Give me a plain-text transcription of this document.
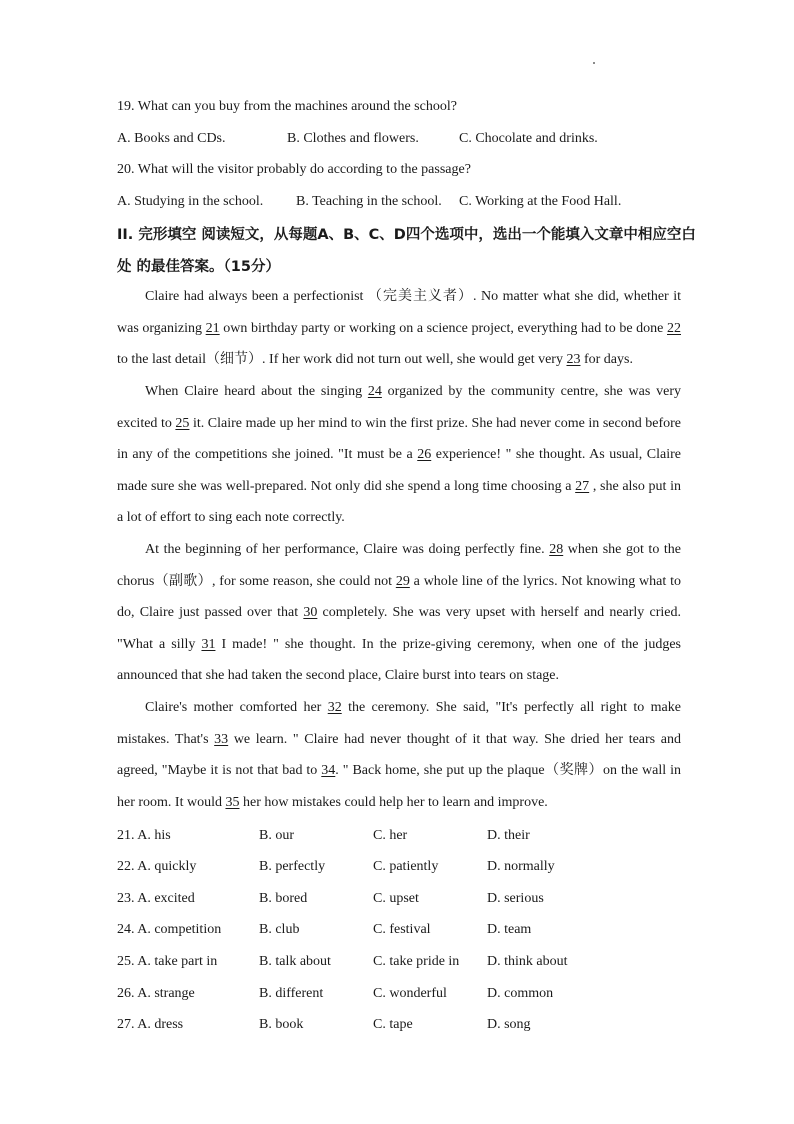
19. What can you buy from the machines around the school?
A. Books and CDs.	B. Clothes and flowers.	C. Chocolate and drinks.
20. What will the visitor probably do according to the passage?
A. Studying in the school. B. Teaching in the school. C. Working at the Food Hall.
II. 完形填空 阅读短文，从每题A、B、C、D四个选项中，选出一个能填入文章中相应空白
处 的最佳答案。（15分）
Claire had always been a perfectionist （完美主义者）. No matter what she did, whether it was organizing 21 own birthday party or working on a science project, everything had to be done 22 to the last detail（细节）. If her work did not turn out well, she would get very 23 for days.
When Claire heard about the singing 24 organized by the community centre, she was very excited to 25 it. Claire made up her mind to win the first prize. She had never come in second before in any of the competitions she joined. "It must be a 26 experience! " she thought. As usual, Claire made sure she was well-prepared. Not only did she spend a long time choosing a 27 , she also put in a lot of effort to sing each note correctly.
At the beginning of her performance, Claire was doing perfectly fine. 28 when she got to the chorus（副歌）, for some reason, she could not 29 a whole line of the lyrics. Not knowing what to do, Claire just passed over that 30 completely. She was very upset with herself and nearly cried. "What a silly 31 I made! " she thought. In the prize-giving ceremony, when one of the judges announced that she had taken the second place, Claire burst into tears on stage.
Claire's mother comforted her 32 the ceremony. She said, "It's perfectly all right to make mistakes. That's 33 we learn. " Claire had never thought of it that way. She dried her tears and agreed, "Maybe it is not that bad to 34. " Back home, she put up the plaque（奖牌）on the wall in her room. It would 35 her how mistakes could help her to learn and improve.
21. A. his	B. our	C. her	D. their
22. A. quickly	B. perfectly	C. patiently	D. normally
23. A. excited	B. bored	C. upset	D. serious
24. A. competition	B. club	C. festival	D. team
25. A. take part in	B. talk about	C. take pride in D. think about
26. A. strange	B. different	C. wonderful	D. common
27. A. dress	B. book	C. tape	D. song
